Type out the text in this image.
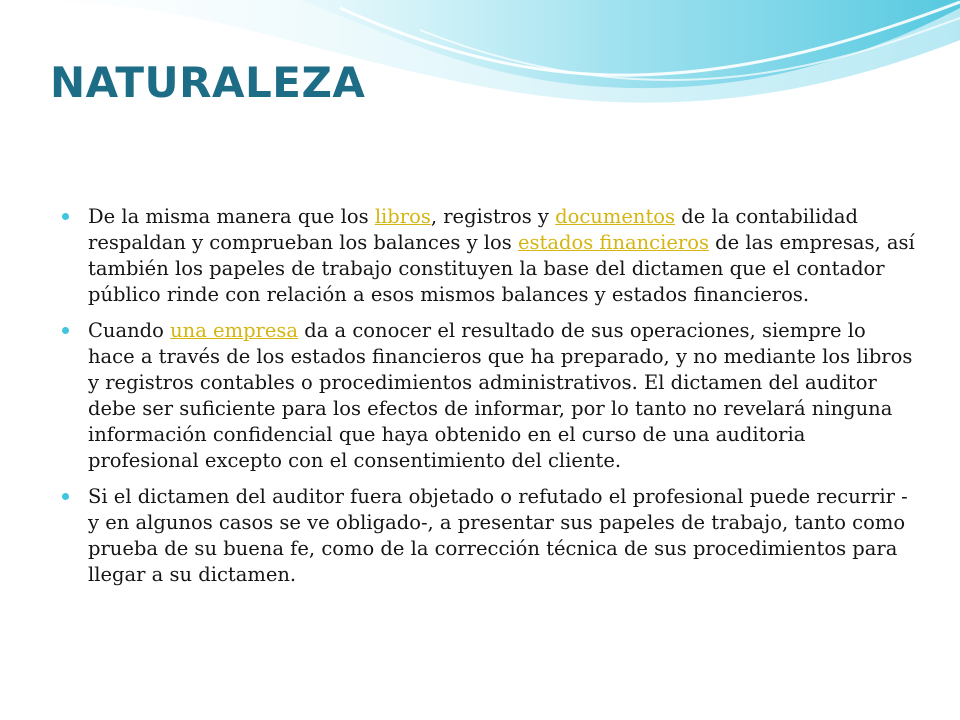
NATURALEZA
De la misma manera que los libros, registros y documentos de la contabilidad respaldan y comprueban los balances y los estados financieros de las empresas, así también los papeles de trabajo constituyen la base del dictamen que el contador público rinde con relación a esos mismos balances y estados financieros.
Cuando una empresa da a conocer el resultado de sus operaciones, siempre lo hace a través de los estados financieros que ha preparado, y no mediante los libros y registros contables o procedimientos administrativos. El dictamen del auditor debe ser suficiente para los efectos de informar, por lo tanto no revelará ninguna información confidencial que haya obtenido en el curso de una auditoria profesional excepto con el consentimiento del cliente.
Si el dictamen del auditor fuera objetado o refutado el profesional puede recurrir -y en algunos casos se ve obligado-, a presentar sus papeles de trabajo, tanto como prueba de su buena fe, como de la corrección técnica de sus procedimientos para llegar a su dictamen.
